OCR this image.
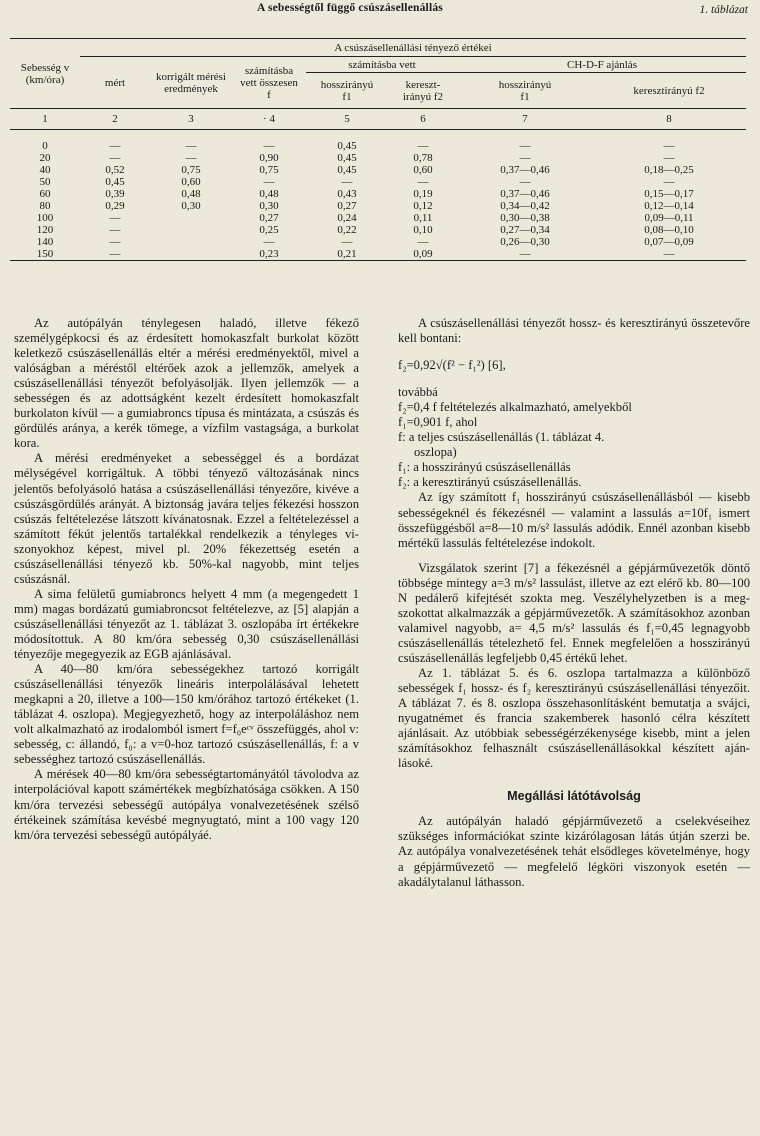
A sebességtől függő csúszásellenállás	1. táblázat
Sebesség v (km/óra)	A csúszásellenállási tényező értékei						
	mért	korrigált mérési eredmények	számításba vett összesen f	számításba vett		CH-D-F ajánlás	
				hosszirányú f1	kereszt-irányú f2	hosszirányú f1	keresztirányú f2
1	2	3	· 4	5	6	7	8

0	—	—	—	0,45	—	—	—
20	—	—	0,90	0,45	0,78	—	—
40	0,52	0,75	0,75	0,45	0,60	0,37—0,46	0,18—0,25
50	0,45	0,60	—	—	—	—	—
60	0,39	0,48	0,48	0,43	0,19	0,37—0,46	0,15—0,17
80	0,29	0,30	0,30	0,27	0,12	0,34—0,42	0,12—0,14
100	—		0,27	0,24	0,11	0,30—0,38	0,09—0,11
120	—		0,25	0,22	0,10	0,27—0,34	0,08—0,10
140	—		—	—	—	0,26—0,30	0,07—0,09
150	—		0,23	0,21	0,09	—	—

Az autópályán ténylegesen haladó, illetve fékező személygépkocsi és az érdesített homokaszfalt burkolat között keletkező csúszásellenállás eltér a mérési eredményektől, mivel a valóságban a méréstől eltérőek azok a jellemzők, amelyek a csúszásellenállási tényezőt befolyásolják. Ilyen jellemzők — a sebességen és az adottságként kezelt érdesített homokaszfalt burkolaton kívül — a gumiabroncs típusa és mintázata, a csúszás és gördülés aránya, a kerék tömege, a vízfilm vastagsága, a burkolat kora.

A mérési eredményeket a sebességgel és a bordázat mélységével korrigáltuk. A többi tényező változásának nincs jelentős befolyásoló hatása a csúszásellenállási tényezőre, kivéve a csúszásgördülés arányát. A biztonság javára teljes fékezési hosszon csúszás feltételezése látszott kívánatosnak. Ezzel a feltételezéssel a számított fékút jelentős tartalékkal rendelkezik a tényleges viszonyokhoz képest, mivel pl. 20% fékezettség esetén a csúszásellenállási tényező kb. 50%-kal nagyobb, mint teljes csúszásnál.

A sima felületű gumiabroncs helyett 4 mm (a megengedett 1 mm) magas bordázatú gumiabroncsot feltételezve, az [5] alapján a csúszásellenállási tényezőt az 1. táblázat 3. oszlopába írt értékekre módosítottuk. A 80 km/óra sebesség 0,30 csúszásellenállási tényezője megegyezik az EGB ajánlásával.

A 40—80 km/óra sebességekhez tartozó korrigált csúszásellenállási tényezők lineáris interpolálásával lehetett megkapni a 20, illetve a 100—150 km/órához tartozó értékeket (1. táblázat 4. oszlopa). Megjegyezhető, hogy az interpoláláshoz nem volt alkalmazható az irodalomból ismert f=f₀eᶜᵛ összefüggés, ahol v: sebesség, c: állandó, f₀: a v=0-hoz tartozó csúszásellenállás, f: a v sebességhez tartozó csúszásellenállás.

A mérések 40—80 km/óra sebességtartományától távolodva az interpolációval kapott számértékek megbízhatósága csökken. A 150 km/óra tervezési sebességű autópálya vonalvezetésének szélső értékeinek számítása kevésbé megnyugtató, mint a 100 vagy 120 km/óra tervezési sebességű autópályáé.

A csúszásellenállási tényezőt hossz- és keresztirányú összetevőre kell bontani:

f₂=0,92√(f² − f₁²) [6],

továbbá
f₂=0,4 f feltételezés alkalmazható, amelyekből
f₁=0,901 f, ahol
f: a teljes csúszásellenállás (1. táblázat 4.
oszlopa)
f₁: a hosszirányú csúszásellenállás
f₂: a keresztirányú csúszásellenállás.

Az így számított f₁ hosszirányú csúszásellenállásból — kisebb sebességeknél és fékezésnél — valamint a lassulás a=10f₁ ismert összefüggésből a=8—10 m/s² lassulás adódik. Ennél azonban kisebb mértékű lassulás feltételezése indokolt.

Vizsgálatok szerint [7] a fékezésnél a gépjárművezetők döntő többsége mintegy a=3 m/s² lassulást, illetve az ezt elérő kb. 80—100 N pedálerő kifejtését szokta meg. Veszélyhelyzetben is a megszokottat alkalmazzák a gépjárművezetők. A számításokhoz azonban valamivel nagyobb, a= 4,5 m/s² lassulás és f₁=0,45 legnagyobb csúszásellenállás tételezhető fel. Ennek megfelelően a hosszirányú csúszásellenállás legfeljebb 0,45 értékű lehet.

Az 1. táblázat 5. és 6. oszlopa tartalmazza a különböző sebességek f₁ hossz- és f₂ keresztirányú csúszásellenállási tényezőit. A táblázat 7. és 8. oszlopa összehasonlításként bemutatja a svájci, nyugatnémet és francia szakemberek hasonló célra készített ajánlásait. Az utóbbiak sebességérzékenysége kisebb, mint a jelen számításokhoz felhasznált csúszásellenállásokkal készített ajánlásoké.

Megállási látótávolság

Az autópályán haladó gépjárművezető a cselekvéseihez szükséges információkat szinte kizárólagosan látás útján szerzi be. Az autópálya vonalvezetésének tehát elsődleges követelménye, hogy a gépjárművezető — megfelelő légköri viszonyok esetén — akadálytalanul láthasson.
